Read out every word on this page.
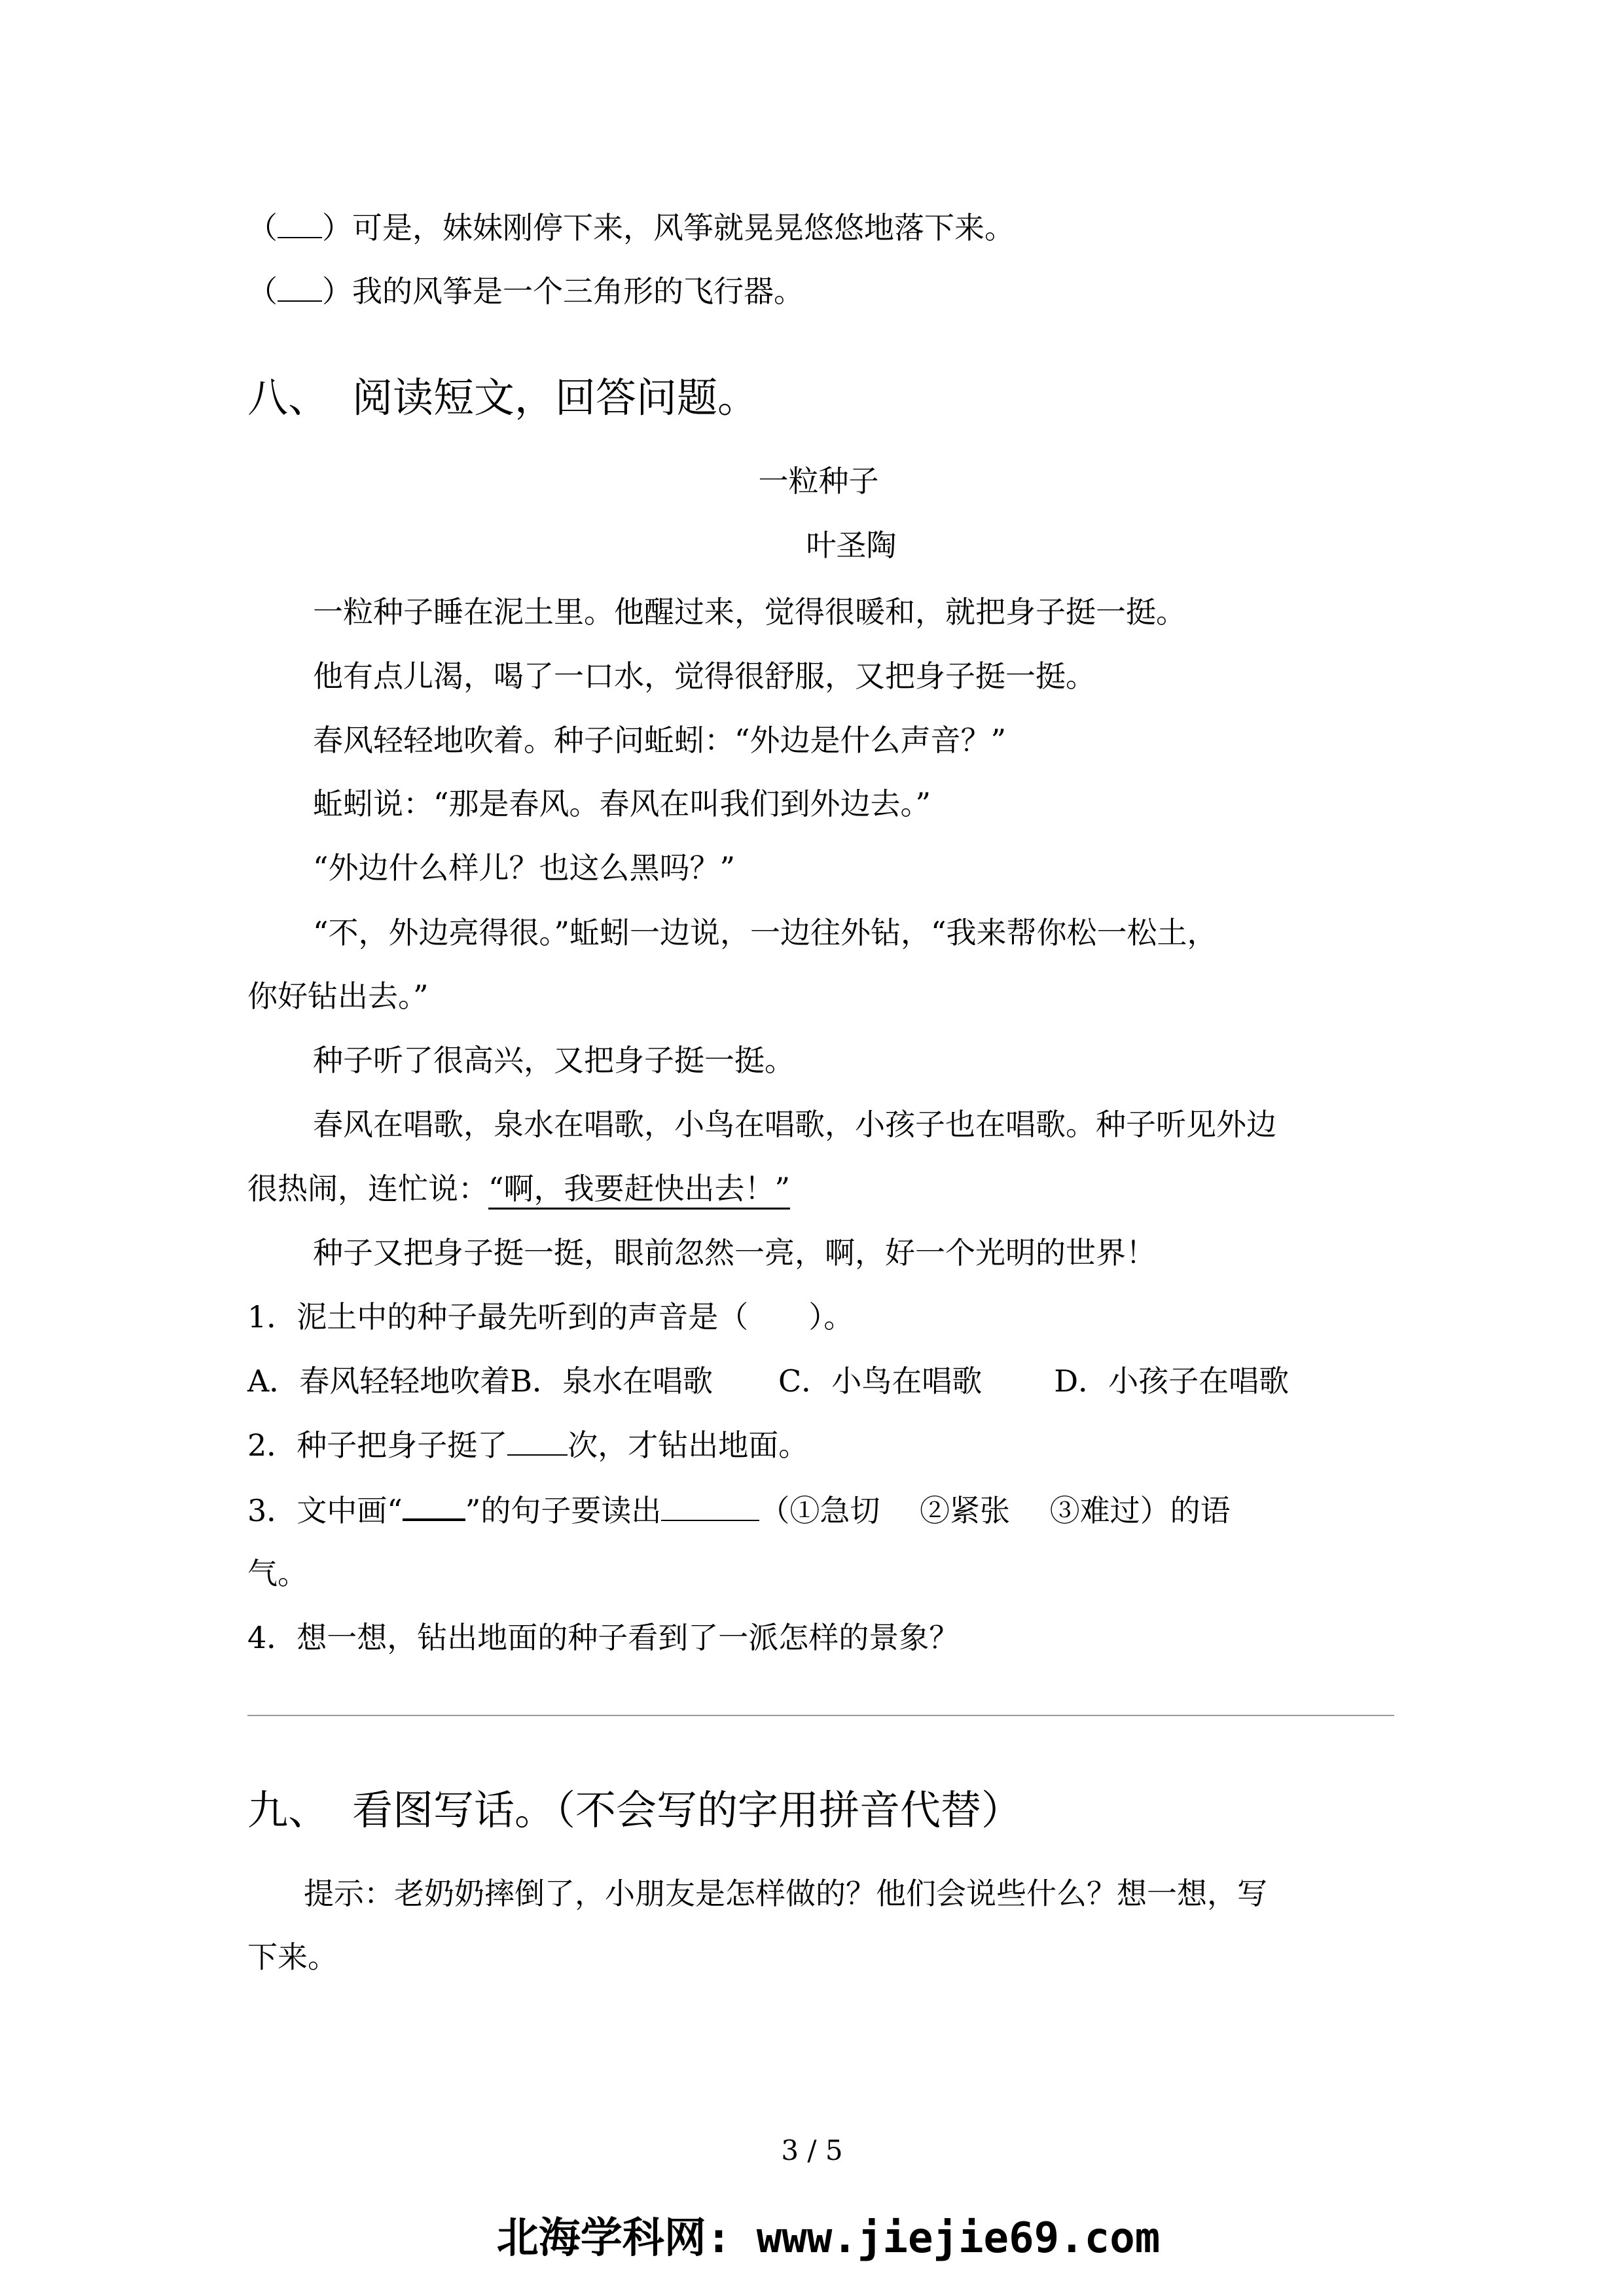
（ ）可是，妹妹刚停下来，风筝就晃晃悠悠地落下来。
（ ）我的风筝是一个三角形的飞行器。
八、 阅读短文，回答问题。
一粒种子
叶圣陶
一粒种子睡在泥土里。他醒过来，觉得很暖和，就把身子挺一挺。
他有点儿渴，喝了一口水，觉得很舒服，又把身子挺一挺。
春风轻轻地吹着。种子问蚯蚓：“外边是什么声音？”
蚯蚓说：“那是春风。春风在叫我们到外边去。”
“外边什么样儿？也这么黑吗？”
“不，外边亮得很。”蚯蚓一边说，一边往外钻，“我来帮你松一松土，
你好钻出去。”
种子听了很高兴，又把身子挺一挺。
春风在唱歌，泉水在唱歌，小鸟在唱歌，小孩子也在唱歌。种子听见外边
很热闹，连忙说：“啊，我要赶快出去！”
种子又把身子挺一挺，眼前忽然一亮，啊，好一个光明的世界！
1．泥土中的种子最先听到的声音是（　　）。
A．春风轻轻地吹着B．泉水在唱歌 C．小鸟在唱歌 D．小孩子在唱歌
2．种子把身子挺了 次，才钻出地面。
3．文中画“ ”的句子要读出	（①急切　 ②紧张　 ③难过）的语
气。
4．想一想，钻出地面的种子看到了一派怎样的景象？
九、 看图写话。（不会写的字用拼音代替）
提示：老奶奶摔倒了，小朋友是怎样做的？他们会说些什么？想一想，写
下来。
3 / 5
北海学科网: www.jiejie69.com
